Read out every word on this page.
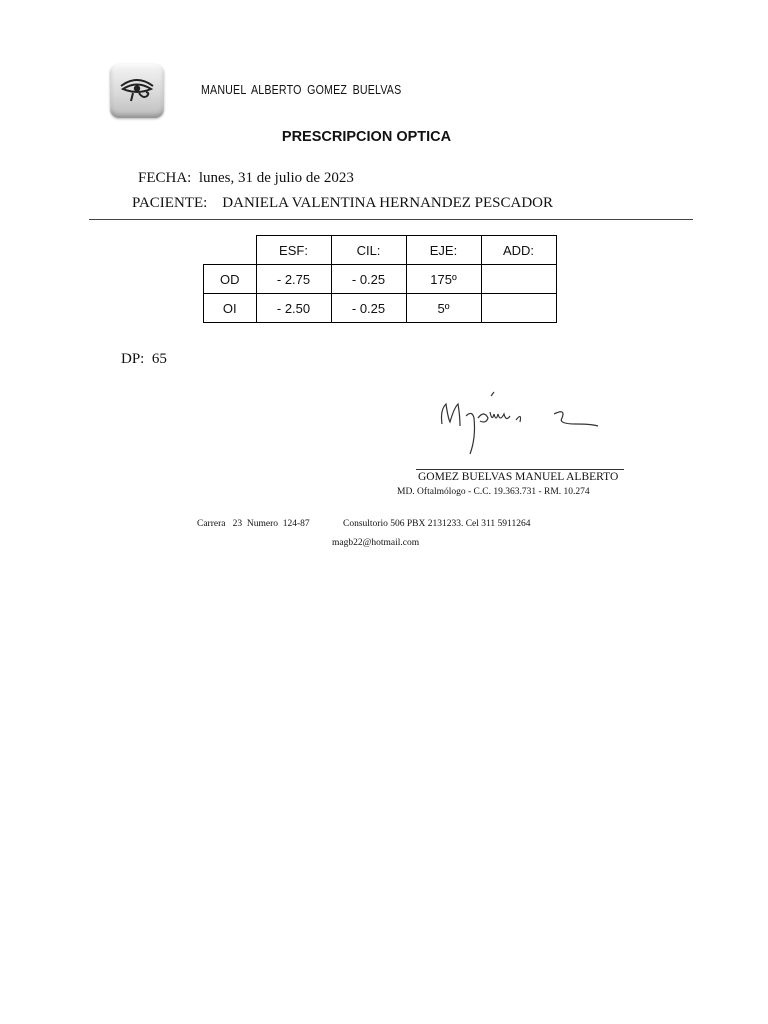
MANUEL ALBERTO GOMEZ BUELVAS
PRESCRIPCION OPTICA
FECHA: lunes, 31 de julio de 2023
PACIENTE: DANIELA VALENTINA HERNANDEZ PESCADOR
	ESF:	CIL:	EJE:	ADD:
OD	- 2.75	- 0.25	175º	
OI	- 2.50	- 0.25	5º	
DP: 65
GOMEZ BUELVAS MANUEL ALBERTO
MD. Oftalmólogo - C.C. 19.363.731 - RM. 10.274
Carrera   23  Numero  124-87	Consultorio 506 PBX 2131233. Cel 311 5911264
magb22@hotmail.com
